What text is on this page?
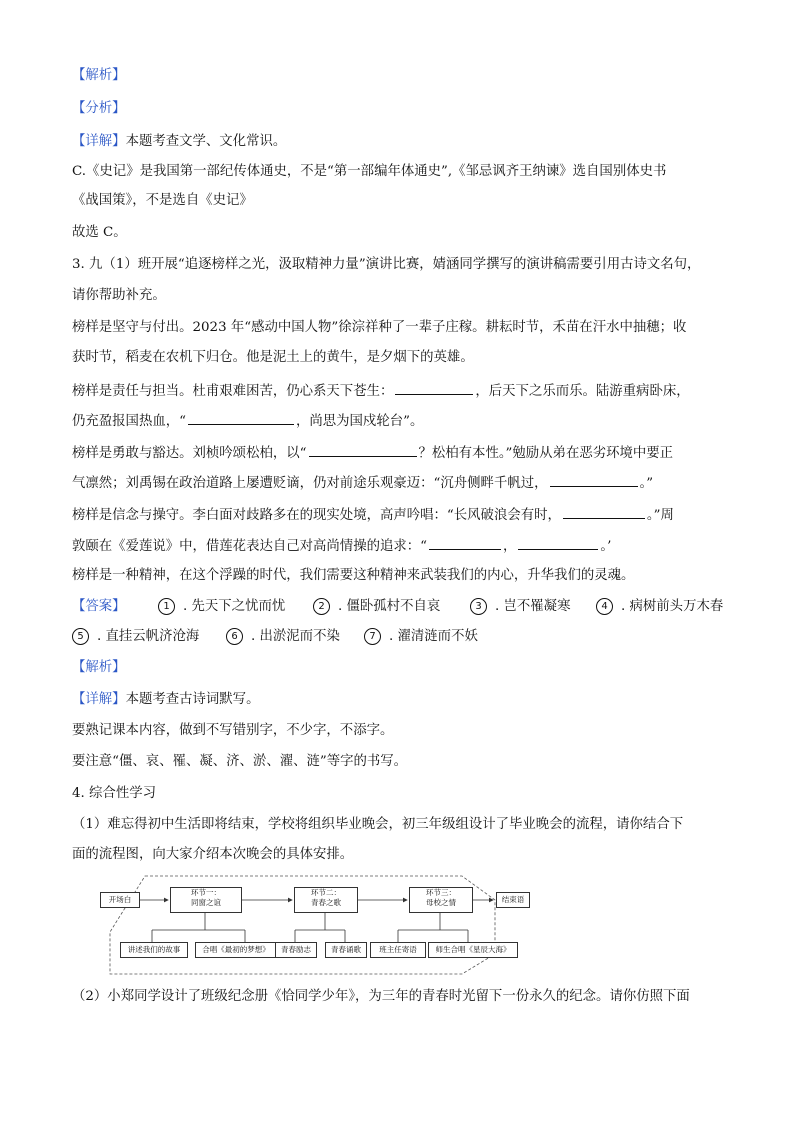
【解析】
【分析】
【详解】本题考查文学、文化常识。
C.《史记》是我国第一部纪传体通史，不是“第一部编年体通史”,《邹忌讽齐王纳谏》选自国别体史书
《战国策》，不是选自《史记》
故选 C。
3. 九（1）班开展“追逐榜样之光，汲取精神力量”演讲比赛，婧涵同学撰写的演讲稿需要引用古诗文名句，
请你帮助补充。
榜样是坚守与付出。2023 年“感动中国人物”徐淙祥种了一辈子庄稼。耕耘时节，禾苗在汗水中抽穗；收
获时节，稻麦在农机下归仓。他是泥土上的黄牛，是夕烟下的英雄。
榜样是责任与担当。杜甫艰难困苦，仍心系天下苍生：	，后天下之乐而乐。陆游重病卧床，
仍充盈报国热血，“	，尚思为国戍轮台”。
榜样是勇敢与豁达。刘桢吟颂松柏，以“	？松柏有本性。”勉励从弟在恶劣环境中要正
气凛然；刘禹锡在政治道路上屡遭贬谪，仍对前途乐观豪迈：“沉舟侧畔千帆过，	。”
榜样是信念与操守。李白面对歧路多在的现实处境，高声吟唱：“长风破浪会有时，	。”周
敦颐在《爱莲说》中，借莲花表达自己对高尚情操的追求：“	，	。’
榜样是一种精神，在这个浮躁的时代，我们需要这种精神来武装我们的内心，升华我们的灵魂。
【答案】	1 . 先天下之忧而忧	2 . 僵卧孤村不自哀	3 . 岂不罹凝寒	4 . 病树前头万木春
5 . 直挂云帆济沧海	6 . 出淤泥而不染	7 . 濯清涟而不妖
【解析】
【详解】本题考查古诗词默写。
要熟记课本内容，做到不写错别字，不少字，不添字。
要注意“僵、哀、罹、凝、济、淤、濯、涟”等字的书写。
4. 综合性学习
（1）难忘得初中生活即将结束，学校将组织毕业晚会，初三年级组设计了毕业晚会的流程，请你结合下
面的流程图，向大家介绍本次晚会的具体安排。
开场白
环节一：
同窗之谊
环节二：
青春之歌
环节三：
母校之情	结束语
讲述我们的故事	合唱《最初的梦想》	青春励志	青春诵歌	班主任寄语	师生合唱《星辰大海》
（2）小郑同学设计了班级纪念册《恰同学少年》，为三年的青春时光留下一份永久的纪念。请你仿照下面
